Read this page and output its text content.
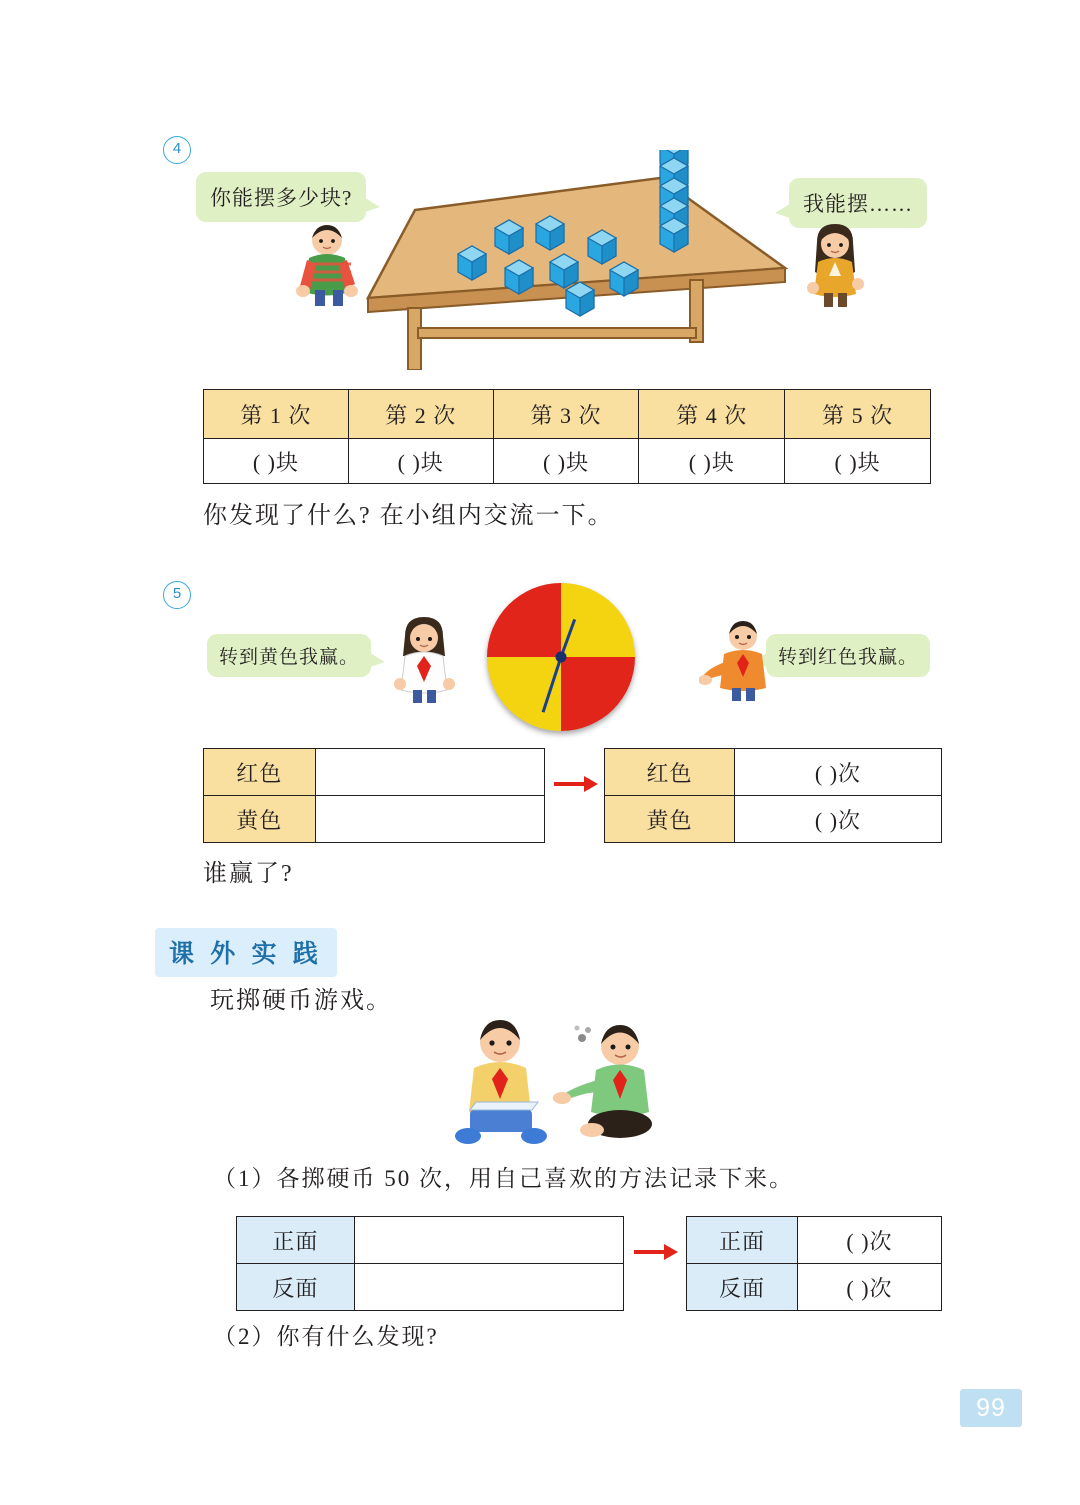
4
你能摆多少块?	我能摆……
第 1 次	第 2 次	第 3 次	第 4 次	第 5 次
( )块	( )块	( )块	( )块	( )块
你发现了什么? 在小组内交流一下。
5
转到黄色我赢。	转到红色我赢。
红色	
黄色	
红色	( )次
黄色	( )次
谁赢了?
课 外 实 践
玩掷硬币游戏。
（1）各掷硬币 50 次，用自己喜欢的方法记录下来。
正面	
反面	
正面	( )次
反面	( )次
（2）你有什么发现?
99
